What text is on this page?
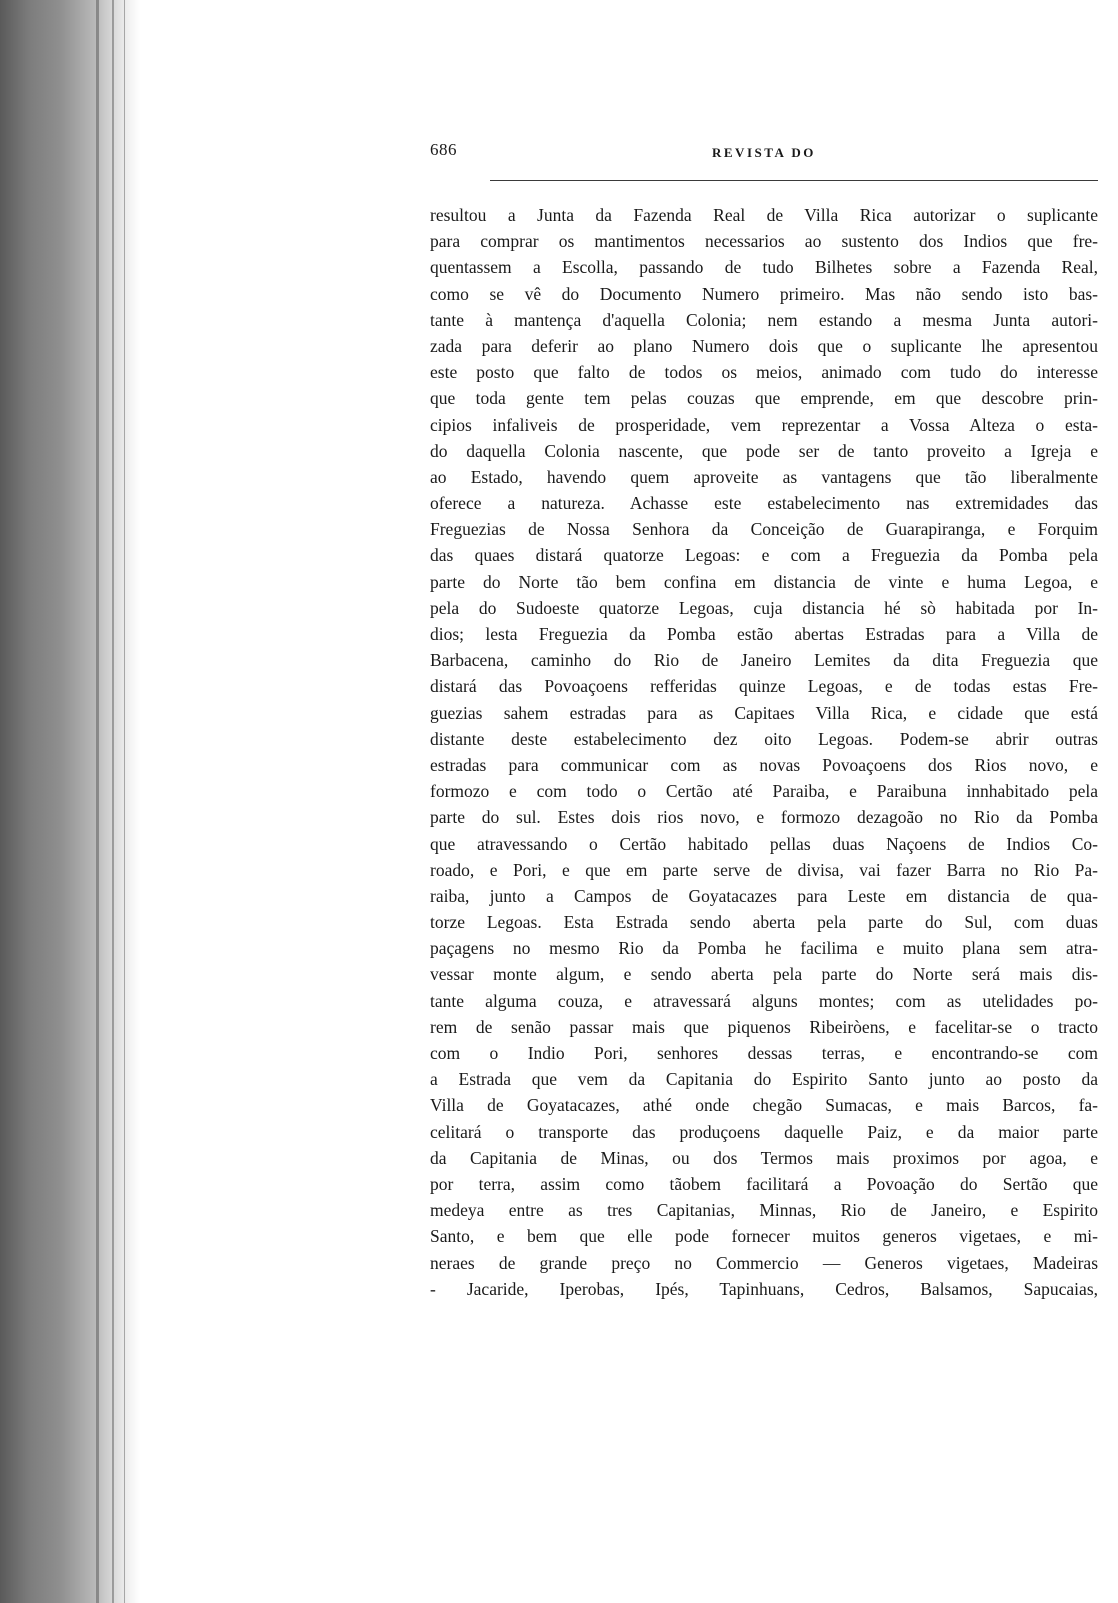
686	REVISTA DO
resultou a Junta da Fazenda Real de Villa Rica autorizar o suplicante
para comprar os mantimentos necessarios ao sustento dos Indios que fre-
quentassem a Escolla, passando de tudo Bilhetes sobre a Fazenda Real,
como se vê do Documento Numero primeiro. Mas não sendo isto bas-
tante à mantença d'aquella Colonia; nem estando a mesma Junta autori-
zada para deferir ao plano Numero dois que o suplicante lhe apresentou
este posto que falto de todos os meios, animado com tudo do interesse
que toda gente tem pelas couzas que emprende, em que descobre prin-
cipios infaliveis de prosperidade, vem reprezentar a Vossa Alteza o esta-
do daquella Colonia nascente, que pode ser de tanto proveito a Igreja e
ao Estado, havendo quem aproveite as vantagens que tão liberalmente
oferece a natureza. Achasse este estabelecimento nas extremidades das
Freguezias de Nossa Senhora da Conceição de Guarapiranga, e Forquim
das quaes distará quatorze Legoas: e com a Freguezia da Pomba pela
parte do Norte tão bem confina em distancia de vinte e huma Legoa, e
pela do Sudoeste quatorze Legoas, cuja distancia hé sò habitada por In-
dios; lesta Freguezia da Pomba estão abertas Estradas para a Villa de
Barbacena, caminho do Rio de Janeiro Lemites da dita Freguezia que
distará das Povoaçoens refferidas quinze Legoas, e de todas estas Fre-
guezias sahem estradas para as Capitaes Villa Rica, e cidade que está
distante deste estabelecimento dez oito Legoas. Podem-se abrir outras
estradas para communicar com as novas Povoaçoens dos Rios novo, e
formozo e com todo o Certão até Paraiba, e Paraibuna innhabitado pela
parte do sul. Estes dois rios novo, e formozo dezagoão no Rio da Pomba
que atravessando o Certão habitado pellas duas Naçoens de Indios Co-
roado, e Pori, e que em parte serve de divisa, vai fazer Barra no Rio Pa-
raiba, junto a Campos de Goyatacazes para Leste em distancia de qua-
torze Legoas. Esta Estrada sendo aberta pela parte do Sul, com duas
paçagens no mesmo Rio da Pomba he facilima e muito plana sem atra-
vessar monte algum, e sendo aberta pela parte do Norte será mais dis-
tante alguma couza, e atravessará alguns montes; com as utelidades po-
rem de senão passar mais que piquenos Ribeiròens, e facelitar-se o tracto
com o Indio Pori, senhores dessas terras, e encontrando-se com
a Estrada que vem da Capitania do Espirito Santo junto ao posto da
Villa de Goyatacazes, athé onde chegão Sumacas, e mais Barcos, fa-
celitará o transporte das produçoens daquelle Paiz, e da maior parte
da Capitania de Minas, ou dos Termos mais proximos por agoa, e
por terra, assim como tãobem facilitará a Povoação do Sertão que
medeya entre as tres Capitanias, Minnas, Rio de Janeiro, e Espirito
Santo, e bem que elle pode fornecer muitos generos vigetaes, e mi-
neraes de grande preço no Commercio — Generos vigetaes, Madeiras
- Jacaride, Iperobas, Ipés, Tapinhuans, Cedros, Balsamos, Sapucaias,
